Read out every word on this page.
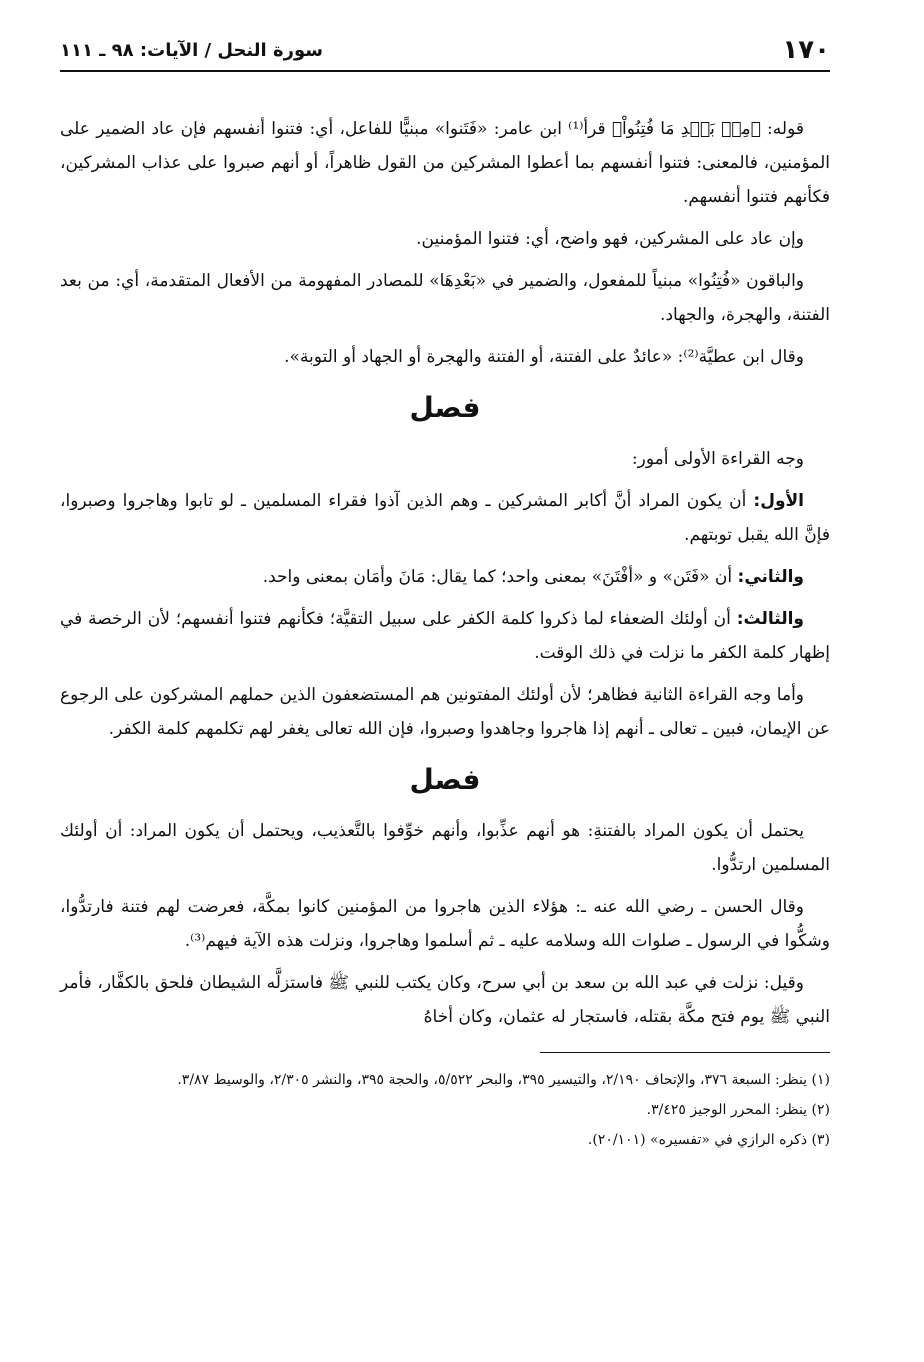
١٧٠
سورة النحل / الآيات: ٩٨ ـ ١١١

قوله: ﴿مِنۢ بَعۡدِ مَا فُتِنُواْ﴾ قرأ⁽¹⁾ ابن عامر: «فَتَنوا» مبنيًّا للفاعل، أي: فتنوا أنفسهم فإن عاد الضمير على المؤمنين، فالمعنى: فتنوا أنفسهم بما أعطوا المشركين من القول ظاهراً، أو أنهم صبروا على عذاب المشركين، فكأنهم فتنوا أنفسهم.

وإن عاد على المشركين، فهو واضح، أي: فتنوا المؤمنين.

والباقون «فُتِنُوا» مبنياً للمفعول، والضمير في «بَعْدِهَا» للمصادر المفهومة من الأفعال المتقدمة، أي: من بعد الفتنة، والهجرة، والجهاد.

وقال ابن عطيَّة⁽²⁾: «عائدٌ على الفتنة، أو الفتنة والهجرة أو الجهاد أو التوبة».

فصل

وجه القراءة الأولى أمور:

الأول: أن يكون المراد أنَّ أكابر المشركين ـ وهم الذين آذوا فقراء المسلمين ـ لو تابوا وهاجروا وصبروا، فإنَّ الله يقبل توبتهم.

والثاني: أن «فَتَن» و «أفْتَنَ» بمعنى واحد؛ كما يقال: مَانَ وأمَان بمعنى واحد.

والثالث: أن أولئك الضعفاء لما ذكروا كلمة الكفر على سبيل التقيَّة؛ فكأنهم فتنوا أنفسهم؛ لأن الرخصة في إظهار كلمة الكفر ما نزلت في ذلك الوقت.

وأما وجه القراءة الثانية فظاهر؛ لأن أولئك المفتونين هم المستضعفون الذين حملهم المشركون على الرجوع عن الإيمان، فبين ـ تعالى ـ أنهم إذا هاجروا وجاهدوا وصبروا، فإن الله تعالى يغفر لهم تكلمهم كلمة الكفر.

فصل

يحتمل أن يكون المراد بالفتنةِ: هو أنهم عذِّبوا، وأنهم خوِّفوا بالتَّعذيب، ويحتمل أن يكون المراد: أن أولئك المسلمين ارتدُّوا.

وقال الحسن ـ رضي الله عنه ـ: هؤلاء الذين هاجروا من المؤمنين كانوا بمكَّة، فعرضت لهم فتنة فارتدُّوا، وشكُّوا في الرسول ـ صلوات الله وسلامه عليه ـ ثم أسلموا وهاجروا، ونزلت هذه الآية فيهم⁽³⁾.

وقيل: نزلت في عبد الله بن سعد بن أبي سرح، وكان يكتب للنبي ﷺ فاستزلَّه الشيطان فلحق بالكفَّار، فأمر النبي ﷺ يوم فتح مكَّة بقتله، فاستجار له عثمان، وكان أخاهُ

(١) ينظر: السبعة ٣٧٦، والإتحاف ٢/١٩٠، والتيسير ٣٩٥، والبحر ٥/٥٢٢، والحجة ٣٩٥، والنشر ٢/٣٠٥، والوسيط ٣/٨٧.

(٢) ينظر: المحرر الوجيز ٣/٤٢٥.

(٣) ذكره الرازي في «تفسيره» (٢٠/١٠١).
